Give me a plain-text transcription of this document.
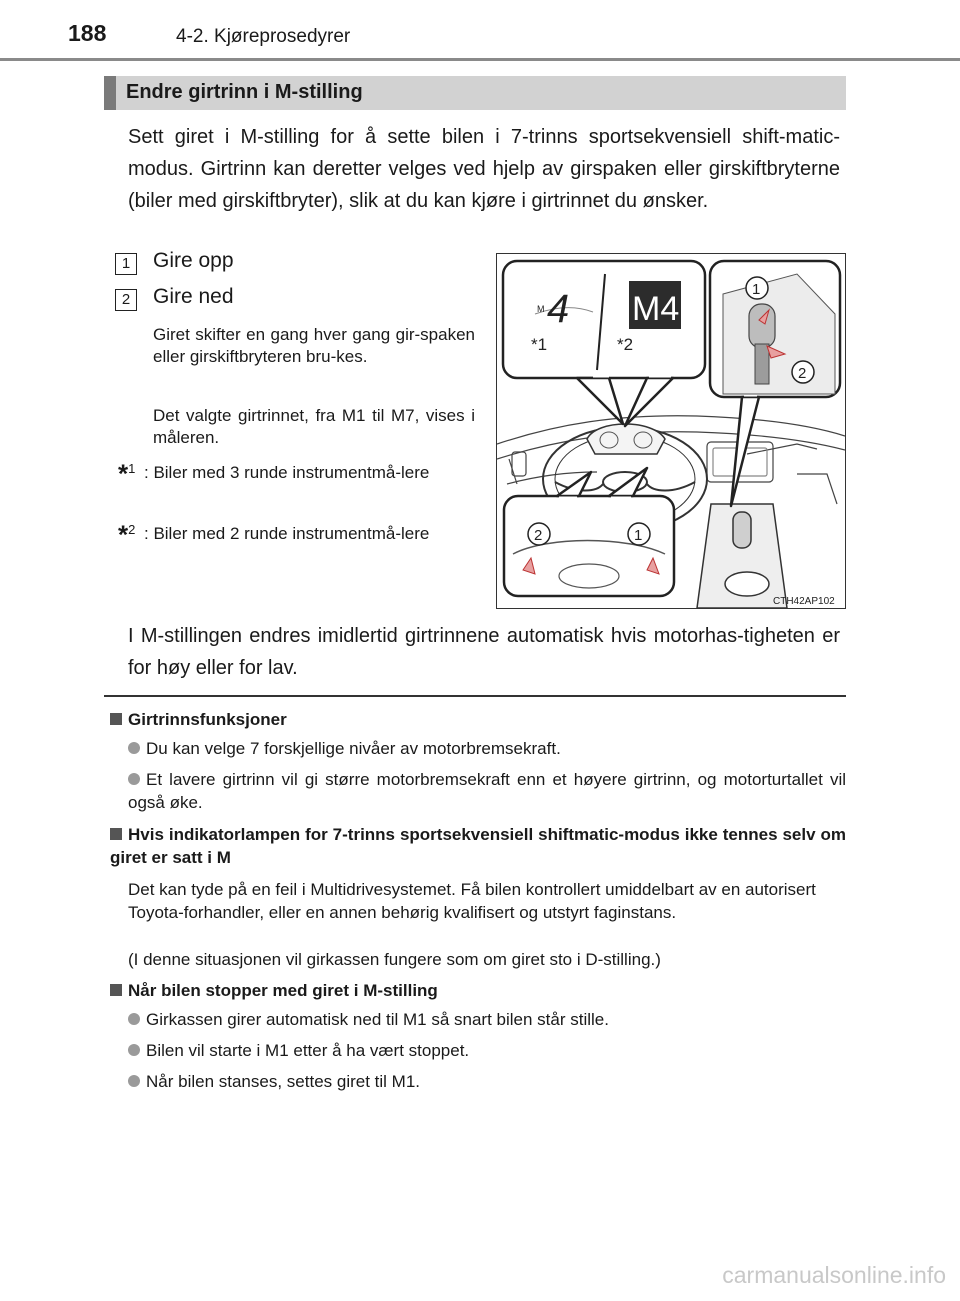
188	4-2. Kjøreprosedyrer
Endre girtrinn i M-stilling
Sett giret i M-stilling for å sette bilen i 7-trinns sportsekvensiell shift-matic-modus. Girtrinn kan deretter velges ved hjelp av girspaken eller girskiftbryterne (biler med girskiftbryter), slik at du kan kjøre i girtrinnet du ønsker.
1	Gire opp
2	Gire ned
Giret skifter en gang hver gang gir-spaken eller girskiftbryteren bru-kes.
Det valgte girtrinnet, fra M1 til M7, vises i måleren.
*$^1$ : Biler med 3 runde instrumentmå-lere
*$^2$ : Biler med 2 runde instrumentmå-lere
M 4 M4
*1	*2
1
2
2	1
CTH42AP102
I M-stillingen endres imidlertid girtrinnene automatisk hvis motorhas-tigheten er for høy eller for lav.
Girtrinnsfunksjoner
Du kan velge 7 forskjellige nivåer av motorbremsekraft.
Et lavere girtrinn vil gi større motorbremsekraft enn et høyere girtrinn, og motorturtallet vil også øke.
Hvis indikatorlampen for 7-trinns sportsekvensiell shiftmatic-modus ikke tennes selv om giret er satt i M
Det kan tyde på en feil i Multidrivesystemet. Få bilen kontrollert umiddelbart av en autorisert Toyota-forhandler, eller en annen behørig kvalifisert og utstyrt faginstans.
(I denne situasjonen vil girkassen fungere som om giret sto i D-stilling.)
Når bilen stopper med giret i M-stilling
Girkassen girer automatisk ned til M1 så snart bilen står stille.
Bilen vil starte i M1 etter å ha vært stoppet.
Når bilen stanses, settes giret til M1.
carmanualsonline.info
